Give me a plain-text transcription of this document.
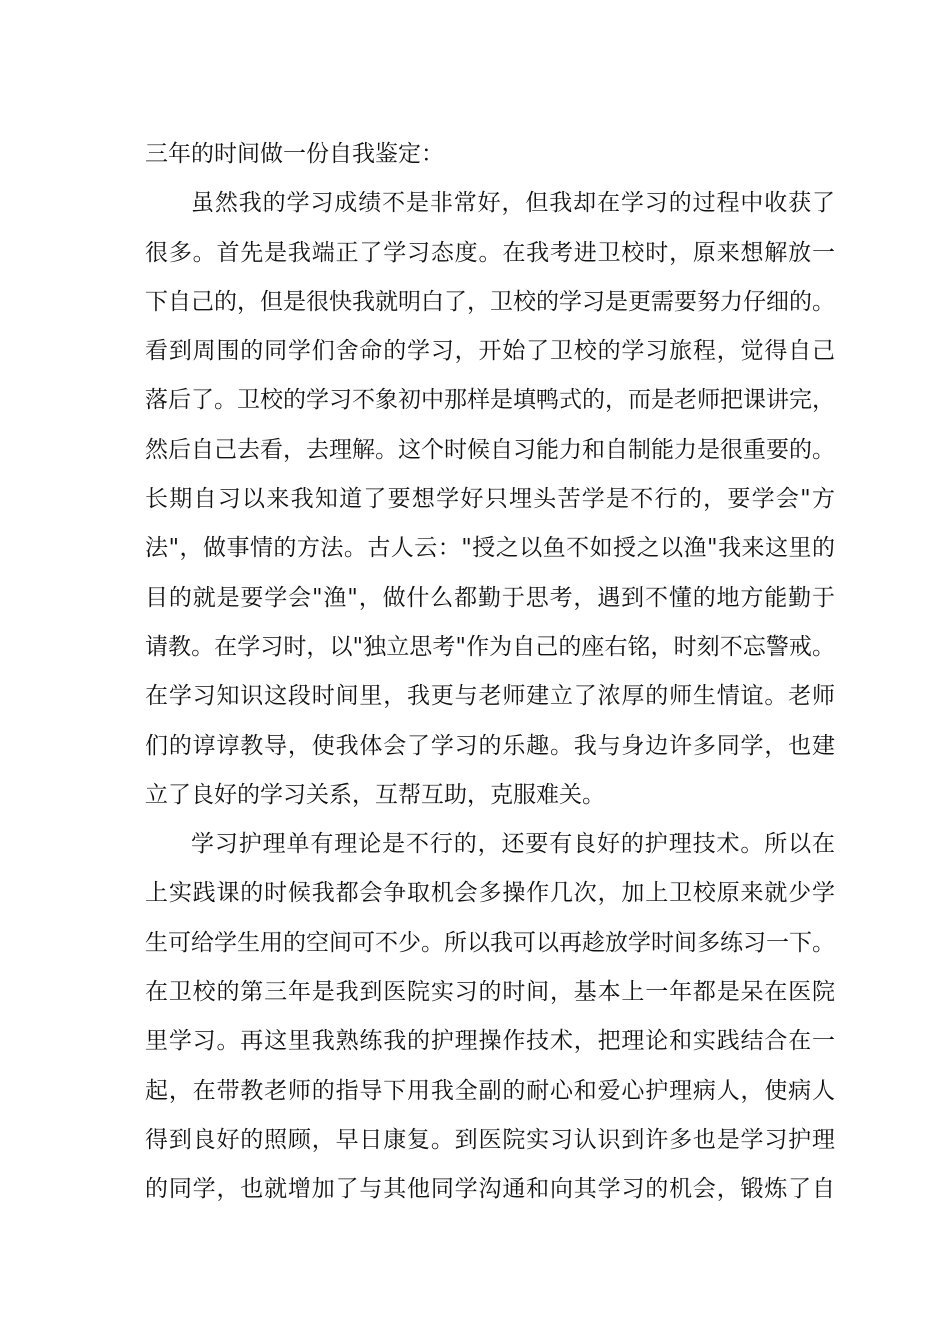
三年的时间做一份自我鉴定：
虽然我的学习成绩不是非常好，但我却在学习的过程中收获了
很多。首先是我端正了学习态度。在我考进卫校时，原来想解放一
下自己的，但是很快我就明白了，卫校的学习是更需要努力仔细的。
看到周围的同学们舍命的学习，开始了卫校的学习旅程，觉得自己
落后了。卫校的学习不象初中那样是填鸭式的，而是老师把课讲完，
然后自己去看，去理解。这个时候自习能力和自制能力是很重要的。
长期自习以来我知道了要想学好只埋头苦学是不行的，要学会"方
法"，做事情的方法。古人云："授之以鱼不如授之以渔"我来这里的
目的就是要学会"渔"，做什么都勤于思考，遇到不懂的地方能勤于
请教。在学习时，以"独立思考"作为自己的座右铭，时刻不忘警戒。
在学习知识这段时间里，我更与老师建立了浓厚的师生情谊。老师
们的谆谆教导，使我体会了学习的乐趣。我与身边许多同学，也建
立了良好的学习关系，互帮互助，克服难关。
学习护理单有理论是不行的，还要有良好的护理技术。所以在
上实践课的时候我都会争取机会多操作几次，加上卫校原来就少学
生可给学生用的空间可不少。所以我可以再趁放学时间多练习一下。
在卫校的第三年是我到医院实习的时间，基本上一年都是呆在医院
里学习。再这里我熟练我的护理操作技术，把理论和实践结合在一
起，在带教老师的指导下用我全副的耐心和爱心护理病人，使病人
得到良好的照顾，早日康复。到医院实习认识到许多也是学习护理
的同学，也就增加了与其他同学沟通和向其学习的机会，锻炼了自
